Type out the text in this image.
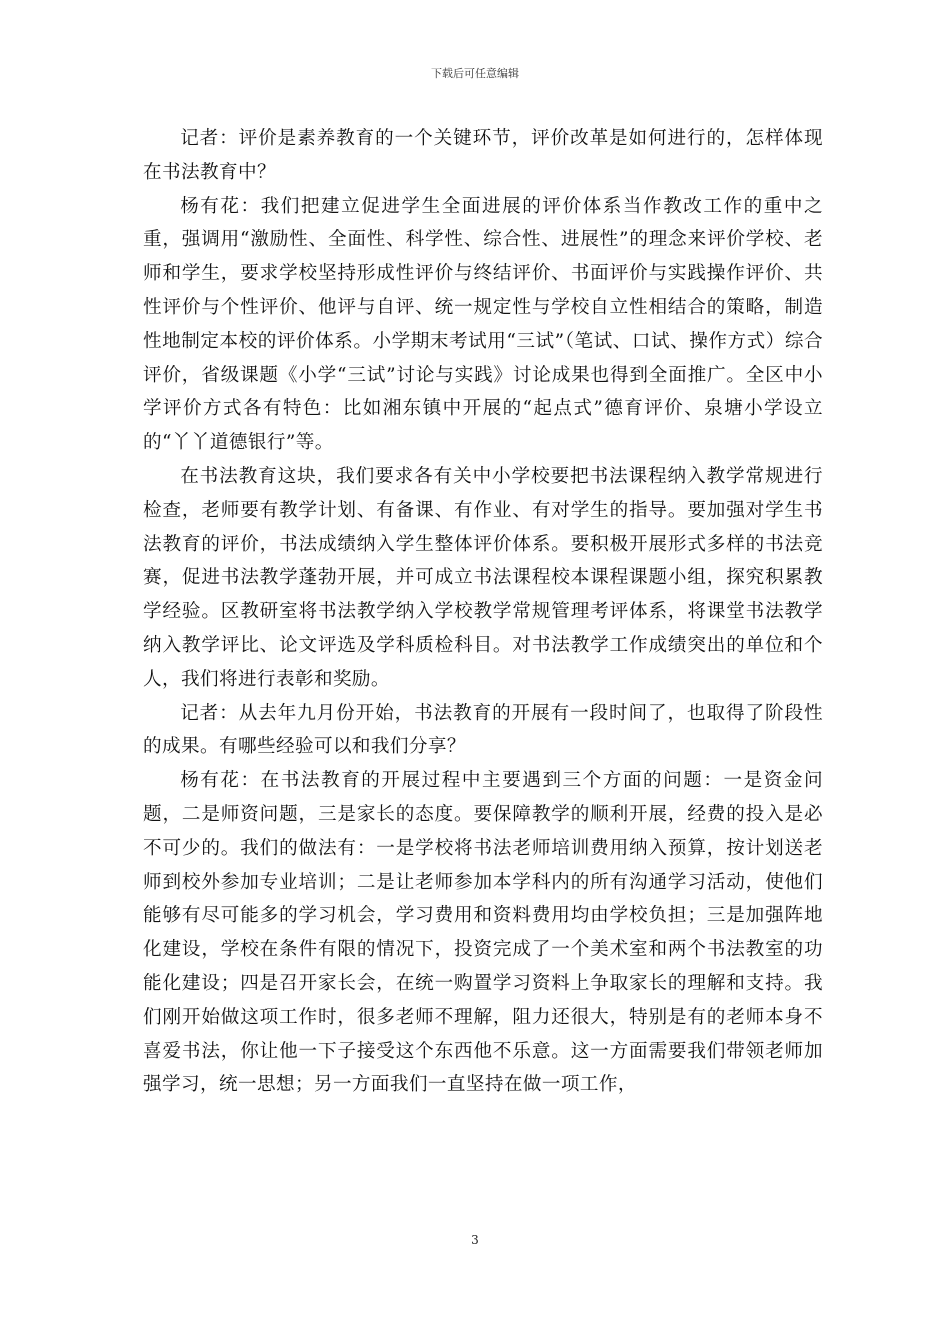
下载后可任意编辑

记者：评价是素养教育的一个关键环节，评价改革是如何进行的，怎样体现在书法教育中？

杨有花：我们把建立促进学生全面进展的评价体系当作教改工作的重中之重，强调用“激励性、全面性、科学性、综合性、进展性”的理念来评价学校、老师和学生，要求学校坚持形成性评价与终结评价、书面评价与实践操作评价、共性评价与个性评价、他评与自评、统一规定性与学校自立性相结合的策略，制造性地制定本校的评价体系。小学期末考试用“三试”（笔试、口试、操作方式）综合评价，省级课题《小学“三试”讨论与实践》讨论成果也得到全面推广。全区中小学评价方式各有特色：比如湘东镇中开展的“起点式”德育评价、泉塘小学设立的“丫丫道德银行”等。

在书法教育这块，我们要求各有关中小学校要把书法课程纳入教学常规进行检查，老师要有教学计划、有备课、有作业、有对学生的指导。要加强对学生书法教育的评价，书法成绩纳入学生整体评价体系。要积极开展形式多样的书法竞赛，促进书法教学蓬勃开展，并可成立书法课程校本课程课题小组，探究积累教学经验。区教研室将书法教学纳入学校教学常规管理考评体系，将课堂书法教学纳入教学评比、论文评选及学科质检科目。对书法教学工作成绩突出的单位和个人，我们将进行表彰和奖励。

记者：从去年九月份开始，书法教育的开展有一段时间了，也取得了阶段性的成果。有哪些经验可以和我们分享？

杨有花：在书法教育的开展过程中主要遇到三个方面的问题：一是资金问题，二是师资问题，三是家长的态度。要保障教学的顺利开展，经费的投入是必不可少的。我们的做法有：一是学校将书法老师培训费用纳入预算，按计划送老师到校外参加专业培训；二是让老师参加本学科内的所有沟通学习活动，使他们能够有尽可能多的学习机会，学习费用和资料费用均由学校负担；三是加强阵地化建设，学校在条件有限的情况下，投资完成了一个美术室和两个书法教室的功能化建设；四是召开家长会，在统一购置学习资料上争取家长的理解和支持。我们刚开始做这项工作时，很多老师不理解，阻力还很大，特别是有的老师本身不喜爱书法，你让他一下子接受这个东西他不乐意。这一方面需要我们带领老师加强学习，统一思想；另一方面我们一直坚持在做一项工作，

3
